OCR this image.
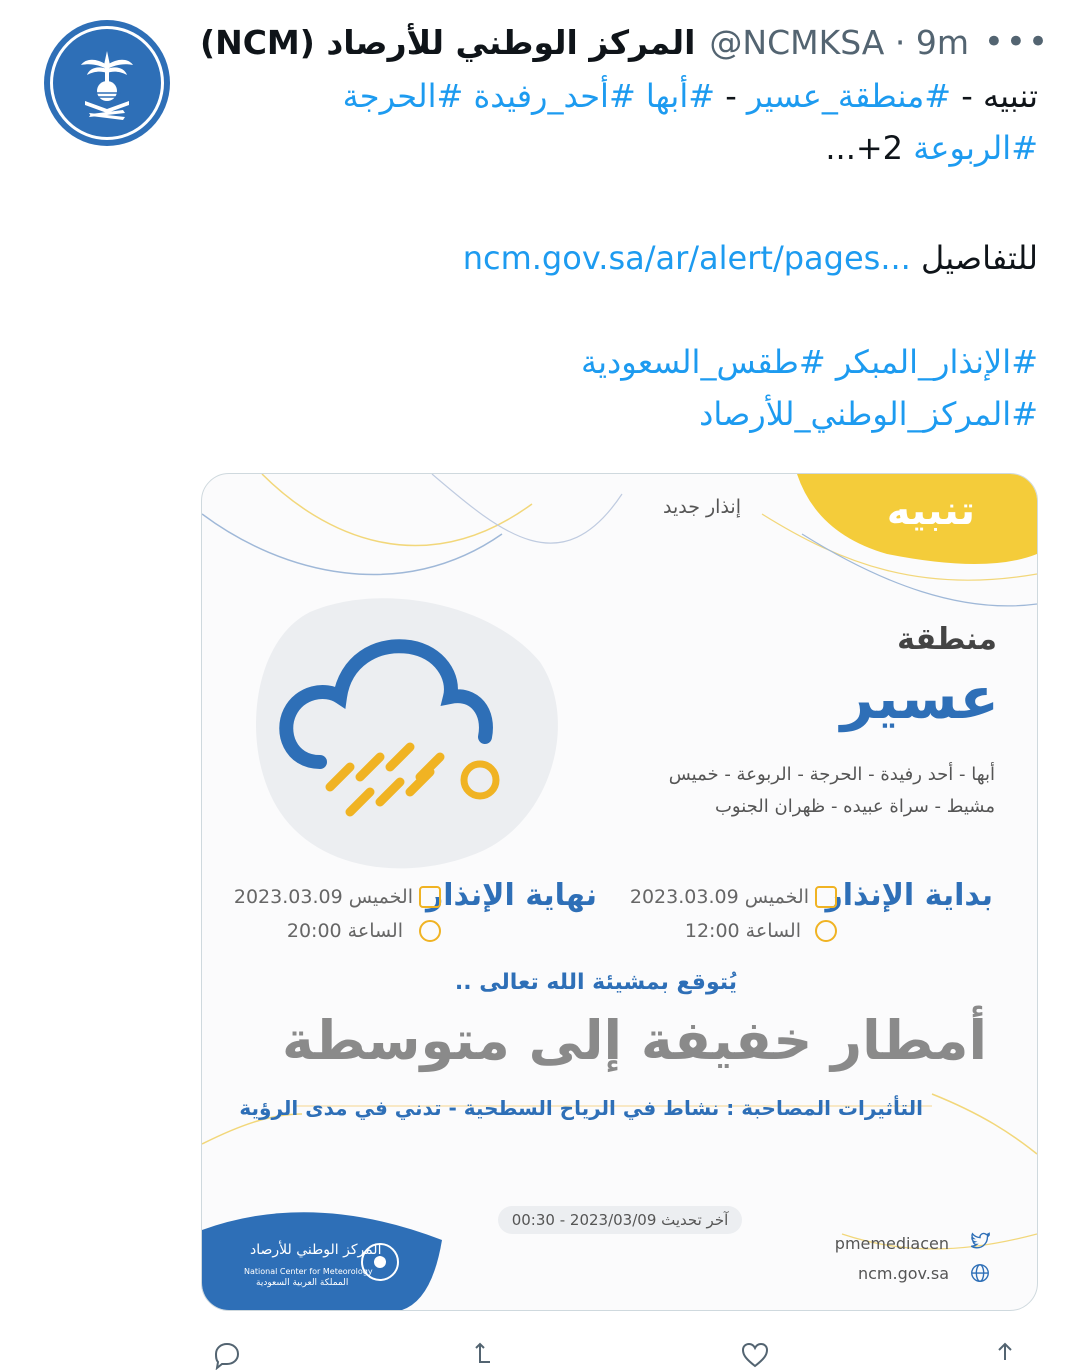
المركز الوطني للأرصاد (NCM) @NCMKSA · 9m •••
تنبيه - #منطقة_عسير - #أبها #أحد_رفيدة #الحرجة
#الربوعة ...+2
للتفاصيل ncm.gov.sa/ar/alert/pages...
#الإنذار_المبكر #طقس_السعودية
#المركز_الوطني_للأرصاد
تنبيه
إنذار جديد
منطقة
عسير
أبها - أحد رفيدة - الحرجة - الربوعة - خميس
مشيط - سراة عبيده - ظهران الجنوب
بداية الإنذار
الخميس 2023.03.09
الساعة 12:00
نهاية الإنذار
الخميس 2023.03.09
الساعة 20:00
يُتوقع بمشيئة الله تعالى ..
أمطار خفيفة إلى متوسطة
التأثيرات المصاحبة : نشاط في الرياح السطحية - تدني في مدى الرؤية
آخر تحديث 2023/03/09 - 00:30
المركز الوطني للأرصاد
National Center for Meteorology
المملكة العربية السعودية
pmemediacen
ncm.gov.sa
